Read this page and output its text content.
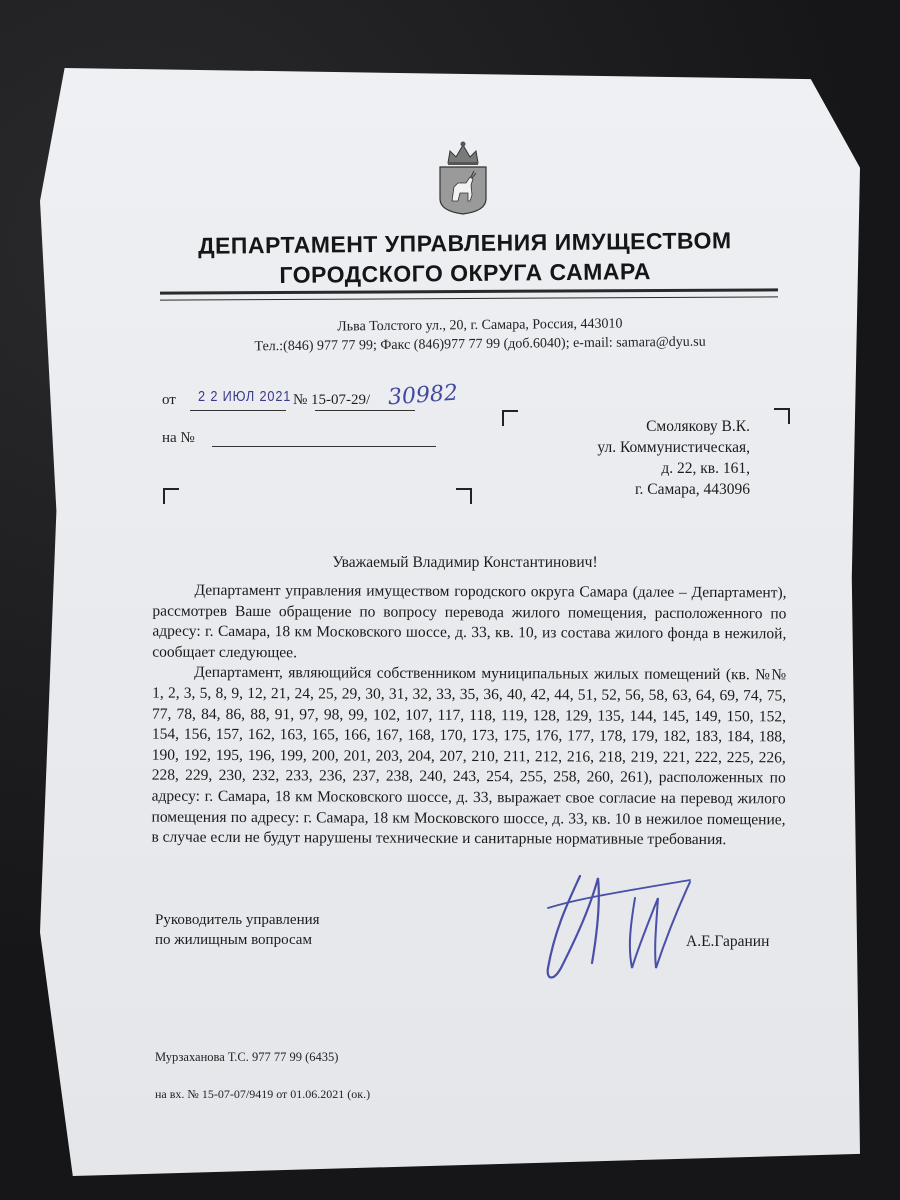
ДЕПАРТАМЕНТ УПРАВЛЕНИЯ ИМУЩЕСТВОМ
ГОРОДСКОГО ОКРУГА САМАРА
Льва Толстого ул., 20, г. Самара, Россия, 443010
Тел.:(846) 977 77 99; Факс (846)977 77 99 (доб.6040); e-mail: samara@dyu.su
от 2 2 ИЮЛ 2021 № 15-07-29/ 30982
на №
Смолякову В.К.
ул. Коммунистическая,
д. 22, кв. 161,
г. Самара, 443096
Уважаемый Владимир Константинович!

Департамент управления имуществом городского округа Самара (далее – Департамент), рассмотрев Ваше обращение по вопросу перевода жилого помещения, расположенного по адресу: г. Самара, 18 км Московского шоссе, д. 33, кв. 10, из состава жилого фонда в нежилой, сообщает следующее.

Департамент, являющийся собственником муниципальных жилых помещений (кв. №№ 1, 2, 3, 5, 8, 9, 12, 21, 24, 25, 29, 30, 31, 32, 33, 35, 36, 40, 42, 44, 51, 52, 56, 58, 63, 64, 69, 74, 75, 77, 78, 84, 86, 88, 91, 97, 98, 99, 102, 107, 117, 118, 119, 128, 129, 135, 144, 145, 149, 150, 152, 154, 156, 157, 162, 163, 165, 166, 167, 168, 170, 173, 175, 176, 177, 178, 179, 182, 183, 184, 188, 190, 192, 195, 196, 199, 200, 201, 203, 204, 207, 210, 211, 212, 216, 218, 219, 221, 222, 225, 226, 228, 229, 230, 232, 233, 236, 237, 238, 240, 243, 254, 255, 258, 260, 261), расположенных по адресу: г. Самара, 18 км Московского шоссе, д. 33, выражает свое согласие на перевод жилого помещения по адресу: г. Самара, 18 км Московского шоссе, д. 33, кв. 10 в нежилое помещение, в случае если не будут нарушены технические и санитарные нормативные требования.

Руководитель управления
по жилищным вопросам	А.Е.Гаранин
Мурзаханова Т.С. 977 77 99 (6435)
на вх. № 15-07-07/9419 от 01.06.2021 (ок.)
